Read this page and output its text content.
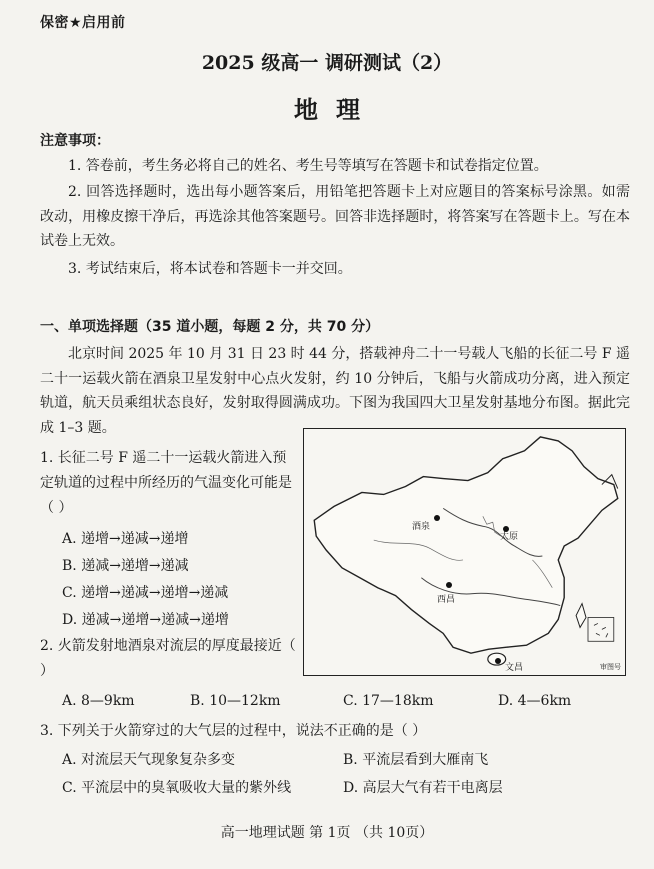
保密★启用前
2025 级高一 调研测试（2）
地理
注意事项：
1. 答卷前，考生务必将自己的姓名、考生号等填写在答题卡和试卷指定位置。
2. 回答选择题时，选出每小题答案后，用铅笔把答题卡上对应题目的答案标号涂黑。如需改动，用橡皮擦干净后，再选涂其他答案题号。回答非选择题时，将答案写在答题卡上。写在本试卷上无效。
3. 考试结束后，将本试卷和答题卡一并交回。
一、单项选择题（35 道小题，每题 2 分，共 70 分）
北京时间 2025 年 10 月 31 日 23 时 44 分，搭载神舟二十一号载人飞船的长征二号 F 遥二十一运载火箭在酒泉卫星发射中心点火发射，约 10 分钟后，飞船与火箭成功分离，进入预定轨道，航天员乘组状态良好，发射取得圆满成功。下图为我国四大卫星发射基地分布图。据此完成 1–3 题。
酒泉
太原
西昌
文昌	审图号
1. 长征二号 F 遥二十一运载火箭进入预定轨道的过程中所经历的气温变化可能是（ ）
A. 递增→递减→递增
B. 递减→递增→递减
C. 递增→递减→递增→递减
D. 递减→递增→递减→递增
2. 火箭发射地酒泉对流层的厚度最接近（ ）
A. 8—9km	B. 10—12km	C. 17—18km	D. 4—6km
3. 下列关于火箭穿过的大气层的过程中，说法不正确的是（ ）
A. 对流层天气现象复杂多变	B. 平流层看到大雁南飞
C. 平流层中的臭氧吸收大量的紫外线	D. 高层大气有若干电离层
高一地理试题 第 1页 （共 10页）
